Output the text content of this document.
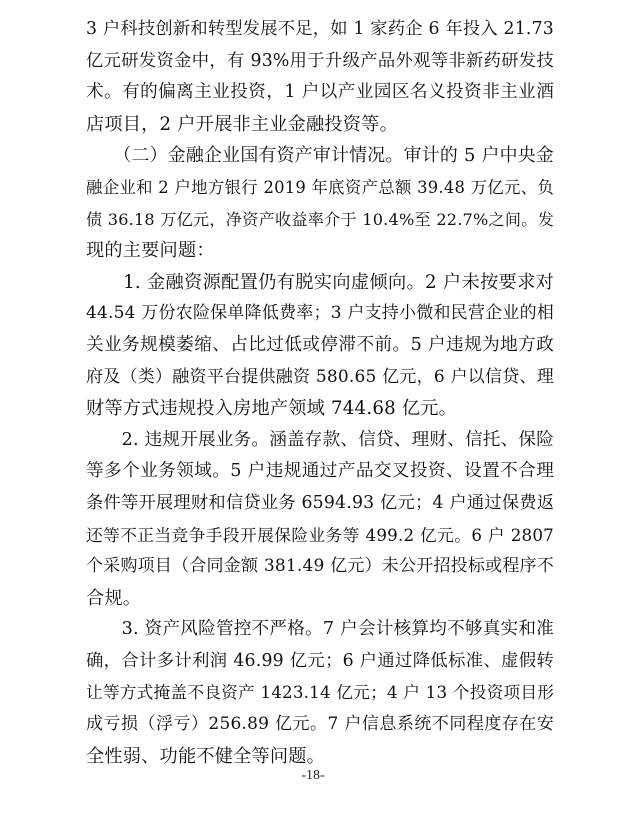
3 户科技创新和转型发展不足，如 1 家药企 6 年投入 21.73
亿元研发资金中，有 93%用于升级产品外观等非新药研发技
术。有的偏离主业投资，1 户以产业园区名义投资非主业酒
店项目，2 户开展非主业金融投资等。
　　（二）金融企业国有资产审计情况。审计的 5 户中央金
融企业和 2 户地方银行 2019 年底资产总额 39.48 万亿元、负
债 36.18 万亿元，净资产收益率介于 10.4%至 22.7%之间。发
现的主要问题：
　　1. 金融资源配置仍有脱实向虚倾向。2 户未按要求对
44.54 万份农险保单降低费率；3 户支持小微和民营企业的相
关业务规模萎缩、占比过低或停滞不前。5 户违规为地方政
府及（类）融资平台提供融资 580.65 亿元，6 户以信贷、理
财等方式违规投入房地产领域 744.68 亿元。
　　2. 违规开展业务。涵盖存款、信贷、理财、信托、保险
等多个业务领域。5 户违规通过产品交叉投资、设置不合理
条件等开展理财和信贷业务 6594.93 亿元；4 户通过保费返
还等不正当竞争手段开展保险业务等 499.2 亿元。6 户 2807
个采购项目（合同金额 381.49 亿元）未公开招投标或程序不
合规。
　　3. 资产风险管控不严格。7 户会计核算均不够真实和准
确，合计多计利润 46.99 亿元；6 户通过降低标准、虚假转
让等方式掩盖不良资产 1423.14 亿元；4 户 13 个投资项目形
成亏损（浮亏）256.89 亿元。7 户信息系统不同程度存在安
全性弱、功能不健全等问题。
-18-
